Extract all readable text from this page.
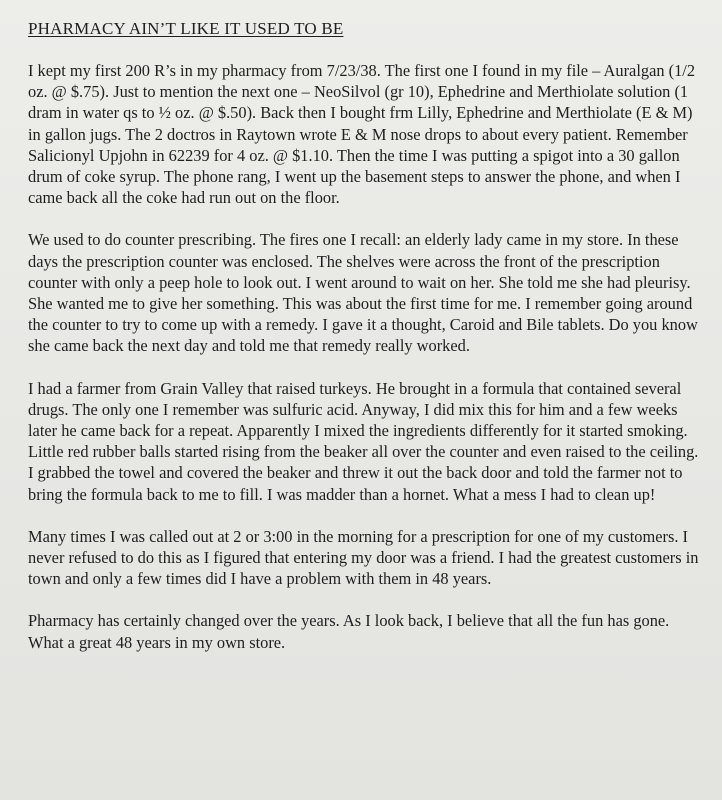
PHARMACY AIN’T LIKE IT USED TO BE

I kept my first 200 R’s in my pharmacy from 7/23/38. The first one I found in my file – Auralgan (1/2 oz. @ $.75). Just to mention the next one – NeoSilvol (gr 10), Ephedrine and Merthiolate solution (1 dram in water qs to ½ oz. @ $.50). Back then I bought frm Lilly, Ephedrine and Merthiolate (E & M) in gallon jugs. The 2 doctros in Raytown wrote E & M nose drops to about every patient. Remember Salicionyl Upjohn in 62239 for 4 oz. @ $1.10. Then the time I was putting a spigot into a 30 gallon drum of coke syrup. The phone rang, I went up the basement steps to answer the phone, and when I came back all the coke had run out on the floor.

We used to do counter prescribing. The fires one I recall: an elderly lady came in my store. In these days the prescription counter was enclosed. The shelves were across the front of the prescription counter with only a peep hole to look out. I went around to wait on her. She told me she had pleurisy. She wanted me to give her something. This was about the first time for me. I remember going around the counter to try to come up with a remedy. I gave it a thought, Caroid and Bile tablets. Do you know she came back the next day and told me that remedy really worked.

I had a farmer from Grain Valley that raised turkeys. He brought in a formula that contained several drugs. The only one I remember was sulfuric acid. Anyway, I did mix this for him and a few weeks later he came back for a repeat. Apparently I mixed the ingredients differently for it started smoking. Little red rubber balls started rising from the beaker all over the counter and even raised to the ceiling. I grabbed the towel and covered the beaker and threw it out the back door and told the farmer not to bring the formula back to me to fill. I was madder than a hornet. What a mess I had to clean up!

Many times I was called out at 2 or 3:00 in the morning for a prescription for one of my customers. I never refused to do this as I figured that entering my door was a friend. I had the greatest customers in town and only a few times did I have a problem with them in 48 years.

Pharmacy has certainly changed over the years. As I look back, I believe that all the fun has gone. What a great 48 years in my own store.
